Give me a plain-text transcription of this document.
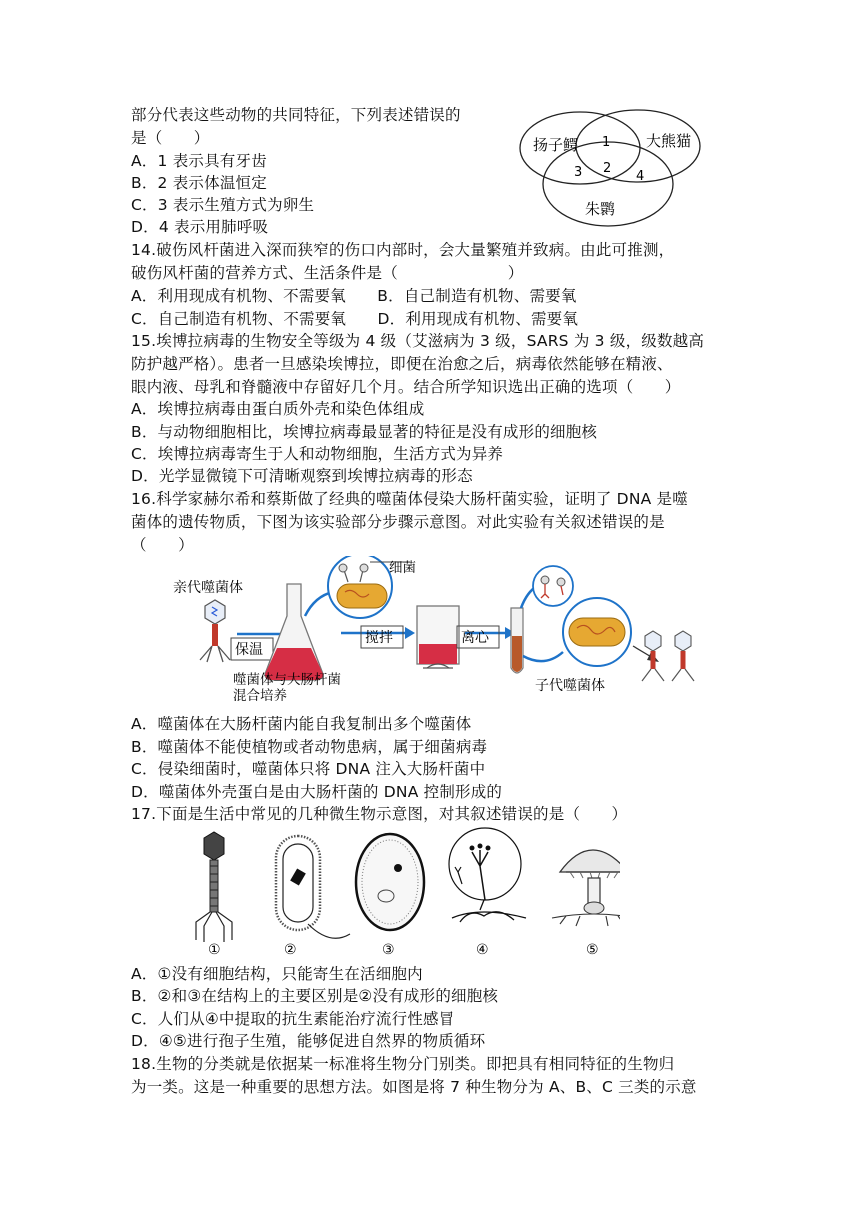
部分代表这些动物的共同特征，下列表述错误的
是（　　）
A．1 表示具有牙齿
B．2 表示体温恒定
C．3 表示生殖方式为卵生
D．4 表示用肺呼吸
扬子鳄	大熊猫
朱鹮
1
2
3	4
14.破伤风杆菌进入深而狭窄的伤口内部时，会大量繁殖并致病。由此可推测，
破伤风杆菌的营养方式、生活条件是（　　　　　　　）
A．利用现成有机物、不需要氧　　B．自己制造有机物、需要氧
C．自己制造有机物、不需要氧　　D．利用现成有机物、需要氧
15.埃博拉病毒的生物安全等级为 4 级（艾滋病为 3 级，SARS 为 3 级，级数越高
防护越严格）。患者一旦感染埃博拉，即便在治愈之后，病毒依然能够在精液、
眼内液、母乳和脊髓液中存留好几个月。结合所学知识选出正确的选项（　　）
A．埃博拉病毒由蛋白质外壳和染色体组成
B．与动物细胞相比，埃博拉病毒最显著的特征是没有成形的细胞核
C．埃博拉病毒寄生于人和动物细胞，生活方式为异养
D．光学显微镜下可清晰观察到埃博拉病毒的形态
16.科学家赫尔希和蔡斯做了经典的噬菌体侵染大肠杆菌实验，证明了 DNA 是噬
菌体的遗传物质，下图为该实验部分步骤示意图。对此实验有关叙述错误的是
（　　）
亲代噬菌体
保温
噬菌体与大肠杆菌
混合培养
细菌
搅拌	离心
子代噬菌体
A．噬菌体在大肠杆菌内能自我复制出多个噬菌体
B．噬菌体不能使植物或者动物患病，属于细菌病毒
C．侵染细菌时，噬菌体只将 DNA 注入大肠杆菌中
D．噬菌体外壳蛋白是由大肠杆菌的 DNA 控制形成的
17.下面是生活中常见的几种微生物示意图，对其叙述错误的是（　　）
①	②	③	④	⑤
A．①没有细胞结构，只能寄生在活细胞内
B．②和③在结构上的主要区别是②没有成形的细胞核
C．人们从④中提取的抗生素能治疗流行性感冒
D．④⑤进行孢子生殖，能够促进自然界的物质循环
18.生物的分类就是依据某一标准将生物分门别类。即把具有相同特征的生物归
为一类。这是一种重要的思想方法。如图是将 7 种生物分为 A、B、C 三类的示意
